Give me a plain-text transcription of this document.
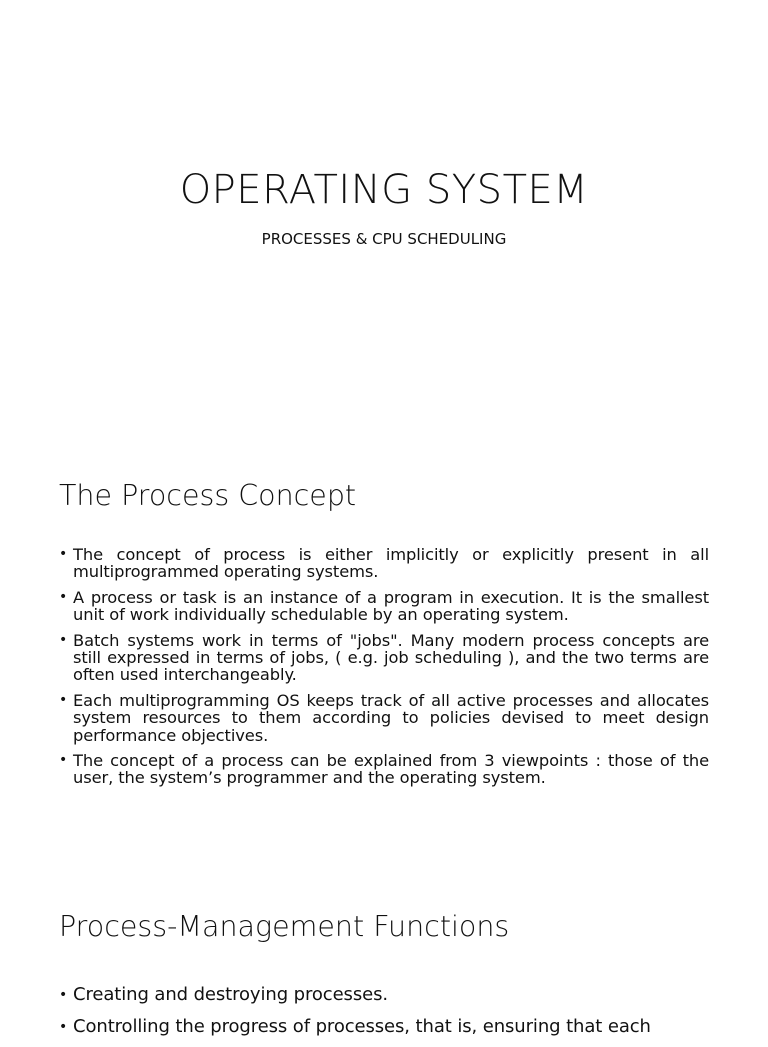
OPERATING SYSTEM

PROCESSES & CPU SCHEDULING

The Process Concept
• The concept of process is either implicitly or explicitly present in all multiprogrammed operating systems.
• A process or task is an instance of a program in execution. It is the smallest unit of work individually schedulable by an operating system.
• Batch systems work in terms of "jobs". Many modern process concepts are still expressed in terms of jobs, ( e.g. job scheduling ), and the two terms are often used interchangeably.
• Each multiprogramming OS keeps track of all active processes and allocates system resources to them according to policies devised to meet design performance objectives.
• The concept of a process can be explained from 3 viewpoints : those of the user, the system’s programmer and the operating system.
Process-Management Functions
• Creating and destroying processes.
• Controlling the progress of processes, that is, ensuring that each
